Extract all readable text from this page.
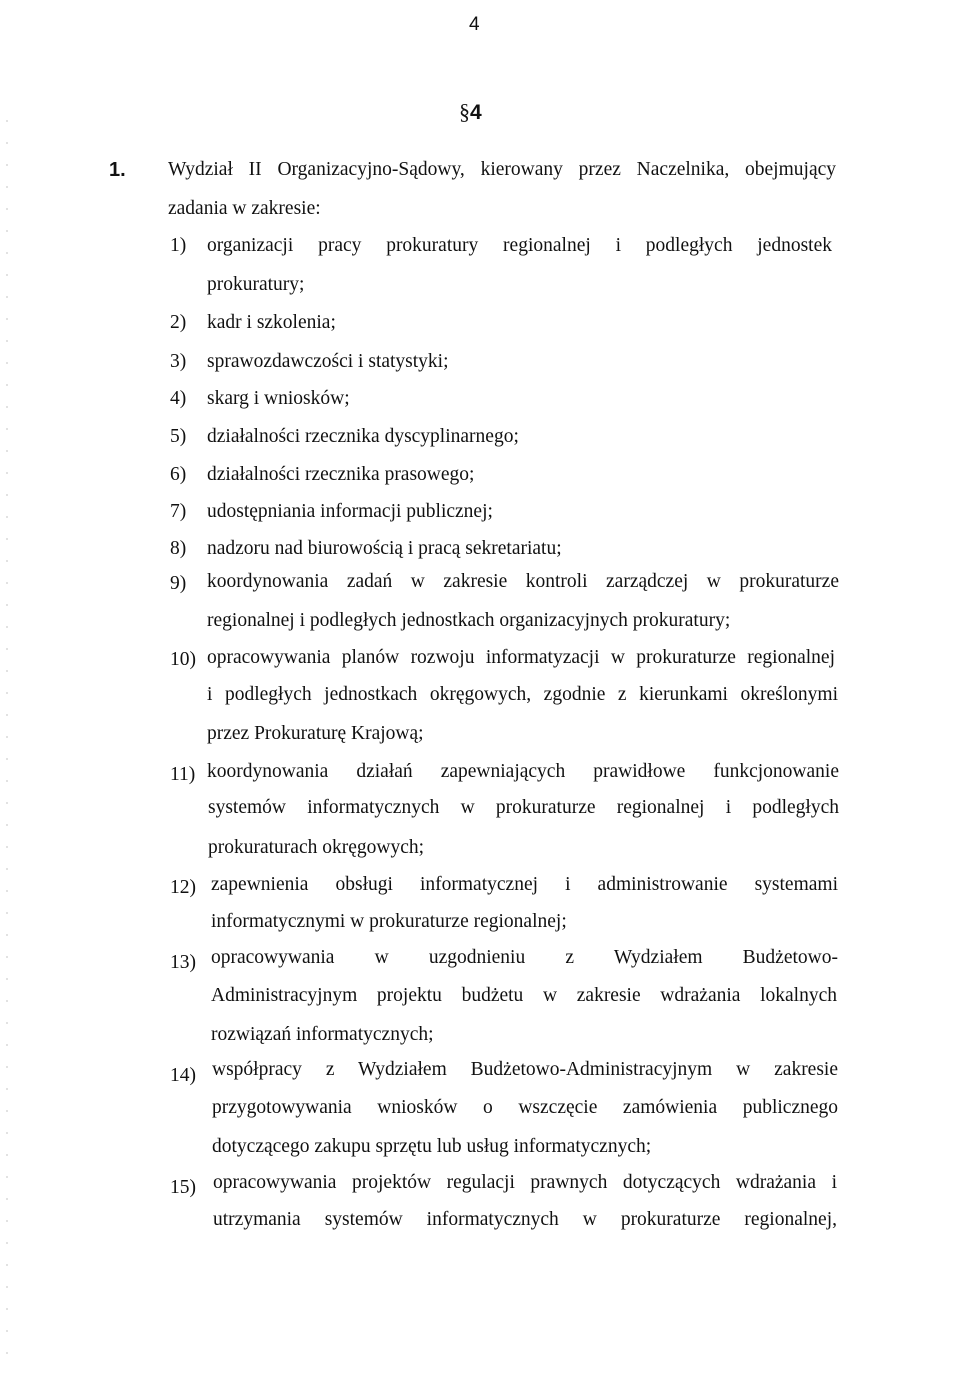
4
§4
1. Wydział II Organizacyjno-Sądowy, kierowany przez Naczelnika, obejmujący
zadania w zakresie:
1) organizacji pracy prokuratury regionalnej i podległych jednostek
prokuratury;
2) kadr i szkolenia;
3) sprawozdawczości i statystyki;
4) skarg i wniosków;
5) działalności rzecznika dyscyplinarnego;
6) działalności rzecznika prasowego;
7) udostępniania informacji publicznej;
8) nadzoru nad biurowością i pracą sekretariatu;
9) koordynowania zadań w zakresie kontroli zarządczej w prokuraturze
regionalnej i podległych jednostkach organizacyjnych prokuratury;
10) opracowywania planów rozwoju informatyzacji w prokuraturze regionalnej
i podległych jednostkach okręgowych, zgodnie z kierunkami określonymi
przez Prokuraturę Krajową;
11) koordynowania działań zapewniających prawidłowe funkcjonowanie
systemów informatycznych w prokuraturze regionalnej i podległych
prokuraturach okręgowych;
12) zapewnienia obsługi informatycznej i administrowanie systemami
informatycznymi w prokuraturze regionalnej;
13) opracowywania w uzgodnieniu z Wydziałem Budżetowo-
Administracyjnym projektu budżetu w zakresie wdrażania lokalnych
rozwiązań informatycznych;
14) współpracy z Wydziałem Budżetowo-Administracyjnym w zakresie
przygotowywania wniosków o wszczęcie zamówienia publicznego
dotyczącego zakupu sprzętu lub usług informatycznych;
15) opracowywania projektów regulacji prawnych dotyczących wdrażania i
utrzymania systemów informatycznych w prokuraturze regionalnej,
